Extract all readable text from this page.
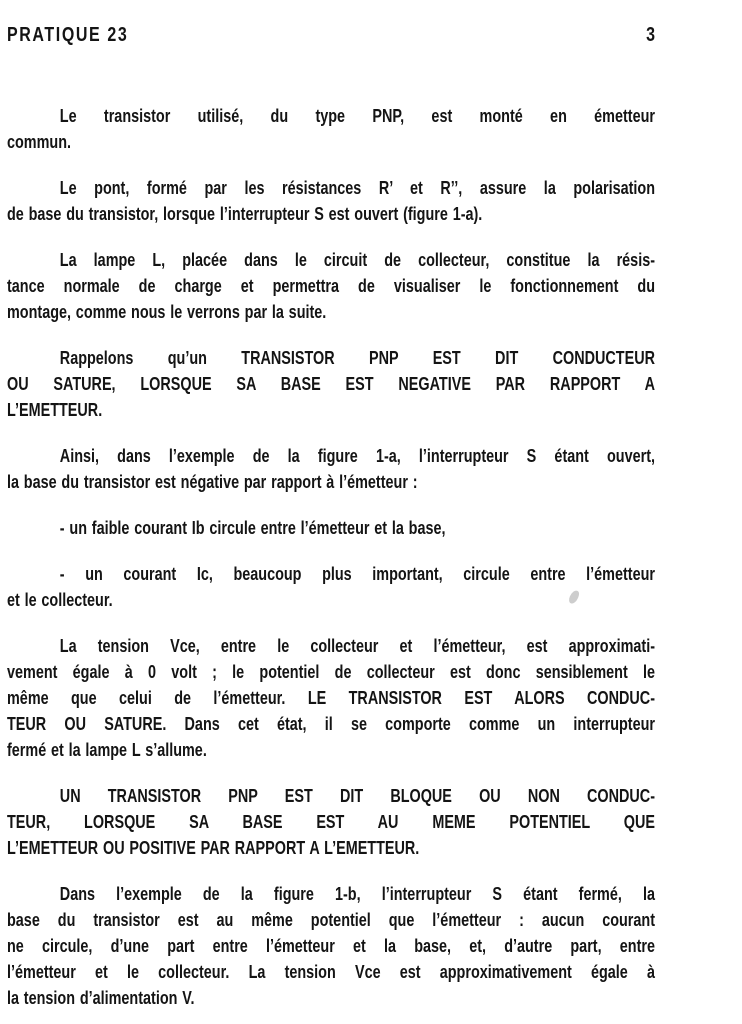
PRATIQUE 23	3
Le transistor utilisé, du type PNP, est monté en émetteur
commun.
Le pont, formé par les résistances R’ et R’’, assure la polarisation
de base du transistor, lorsque l’interrupteur S est ouvert (figure 1-a).
La lampe L, placée dans le circuit de collecteur, constitue la résis-
tance normale de charge et permettra de visualiser le fonctionnement du
montage, comme nous le verrons par la suite.
Rappelons qu’un TRANSISTOR PNP EST DIT CONDUCTEUR
OU SATURE, LORSQUE SA BASE EST NEGATIVE PAR RAPPORT A
L’EMETTEUR.
Ainsi, dans l’exemple de la figure 1-a, l’interrupteur S étant ouvert,
la base du transistor est négative par rapport à l’émetteur :
- un faible courant Ib circule entre l’émetteur et la base,
- un courant Ic, beaucoup plus important, circule entre l’émetteur
et le collecteur.
La tension Vce, entre le collecteur et l’émetteur, est approximati-
vement égale à 0 volt ; le potentiel de collecteur est donc sensiblement le
même que celui de l’émetteur. LE TRANSISTOR EST ALORS CONDUC-
TEUR OU SATURE. Dans cet état, il se comporte comme un interrupteur
fermé et la lampe L s’allume.
UN TRANSISTOR PNP EST DIT BLOQUE OU NON CONDUC-
TEUR, LORSQUE SA BASE EST AU MEME POTENTIEL QUE
L’EMETTEUR OU POSITIVE PAR RAPPORT A L’EMETTEUR.
Dans l’exemple de la figure 1-b, l’interrupteur S étant fermé, la
base du transistor est au même potentiel que l’émetteur : aucun courant
ne circule, d’une part entre l’émetteur et la base, et, d’autre part, entre
l’émetteur et le collecteur. La tension Vce est approximativement égale à
la tension d’alimentation V.
